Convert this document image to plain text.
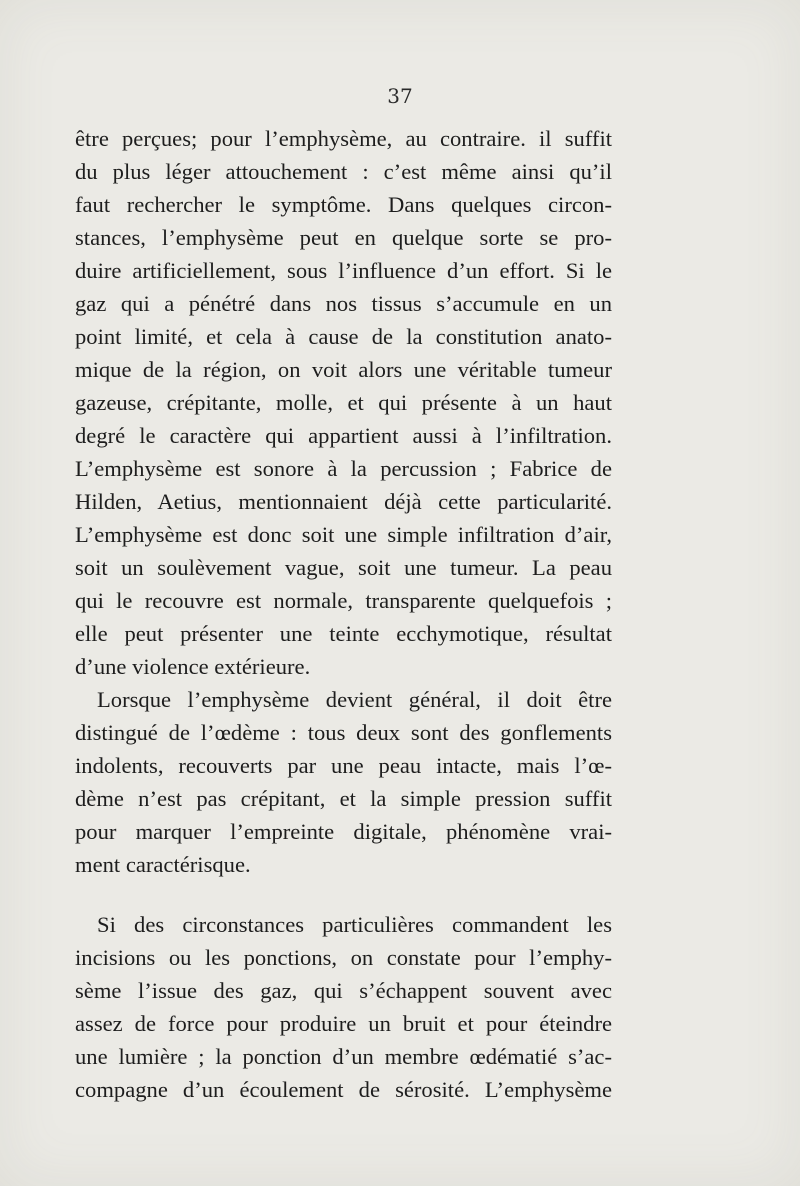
37
être perçues; pour l’emphysème, au contraire. il suffit
du plus léger attouchement : c’est même ainsi qu’il
faut rechercher le symptôme. Dans quelques circon-
stances, l’emphysème peut en quelque sorte se pro-
duire artificiellement, sous l’influence d’un effort. Si le
gaz qui a pénétré dans nos tissus s’accumule en un
point limité, et cela à cause de la constitution anato-
mique de la région, on voit alors une véritable tumeur
gazeuse, crépitante, molle, et qui présente à un haut
degré le caractère qui appartient aussi à l’infiltration.
L’emphysème est sonore à la percussion ; Fabrice de
Hilden, Aetius, mentionnaient déjà cette particularité.
L’emphysème est donc soit une simple infiltration d’air,
soit un soulèvement vague, soit une tumeur. La peau
qui le recouvre est normale, transparente quelquefois ;
elle peut présenter une teinte ecchymotique, résultat
d’une violence extérieure.
Lorsque l’emphysème devient général, il doit être
distingué de l’œdème : tous deux sont des gonflements
indolents, recouverts par une peau intacte, mais l’œ-
dème n’est pas crépitant, et la simple pression suffit
pour marquer l’empreinte digitale, phénomène vrai-
ment caractérisque.
Si des circonstances particulières commandent les
incisions ou les ponctions, on constate pour l’emphy-
sème l’issue des gaz, qui s’échappent souvent avec
assez de force pour produire un bruit et pour éteindre
une lumière ; la ponction d’un membre œdématié s’ac-
compagne d’un écoulement de sérosité. L’emphysème
